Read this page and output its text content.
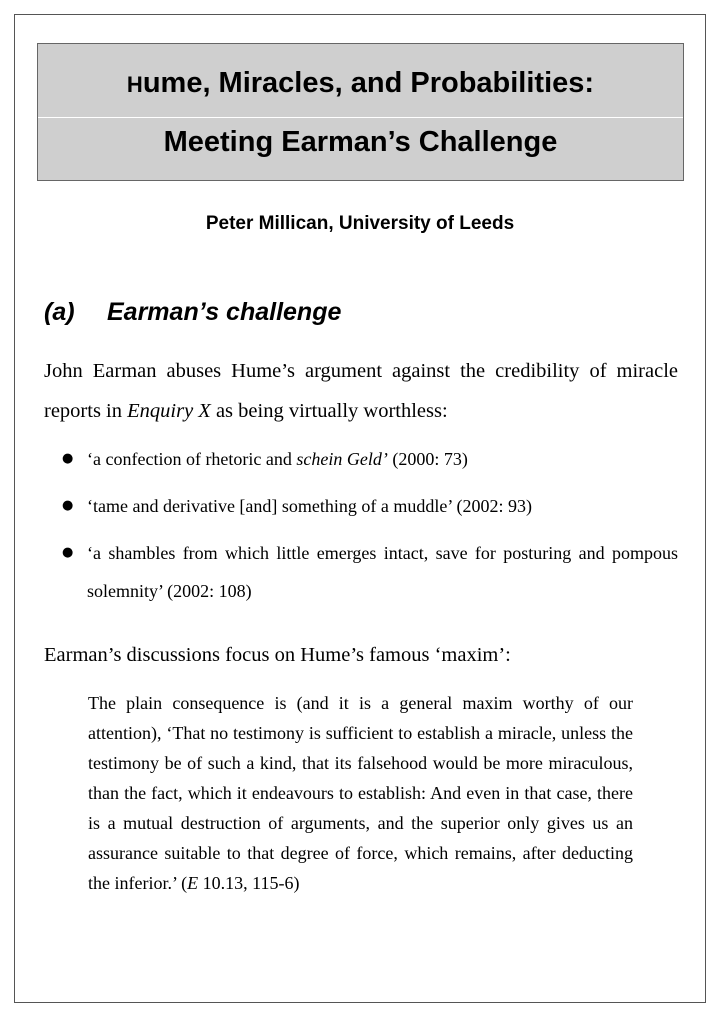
Hume, Miracles, and Probabilities:
Meeting Earman’s Challenge
Peter Millican, University of Leeds
(a) Earman’s challenge
John Earman abuses Hume’s argument against the credibility of miracle reports in Enquiry X as being virtually worthless:
● ‘a confection of rhetoric and schein Geld’ (2000: 73)
● ‘tame and derivative [and] something of a muddle’ (2002: 93)
● ‘a shambles from which little emerges intact, save for posturing and pompous solemnity’ (2002: 108)
Earman’s discussions focus on Hume’s famous ‘maxim’:
The plain consequence is (and it is a general maxim worthy of our attention), ‘That no testimony is sufficient to establish a miracle, unless the testimony be of such a kind, that its falsehood would be more miraculous, than the fact, which it endeavours to establish: And even in that case, there is a mutual destruction of arguments, and the superior only gives us an assurance suitable to that degree of force, which remains, after deducting the inferior.’ (E 10.13, 115-6)
